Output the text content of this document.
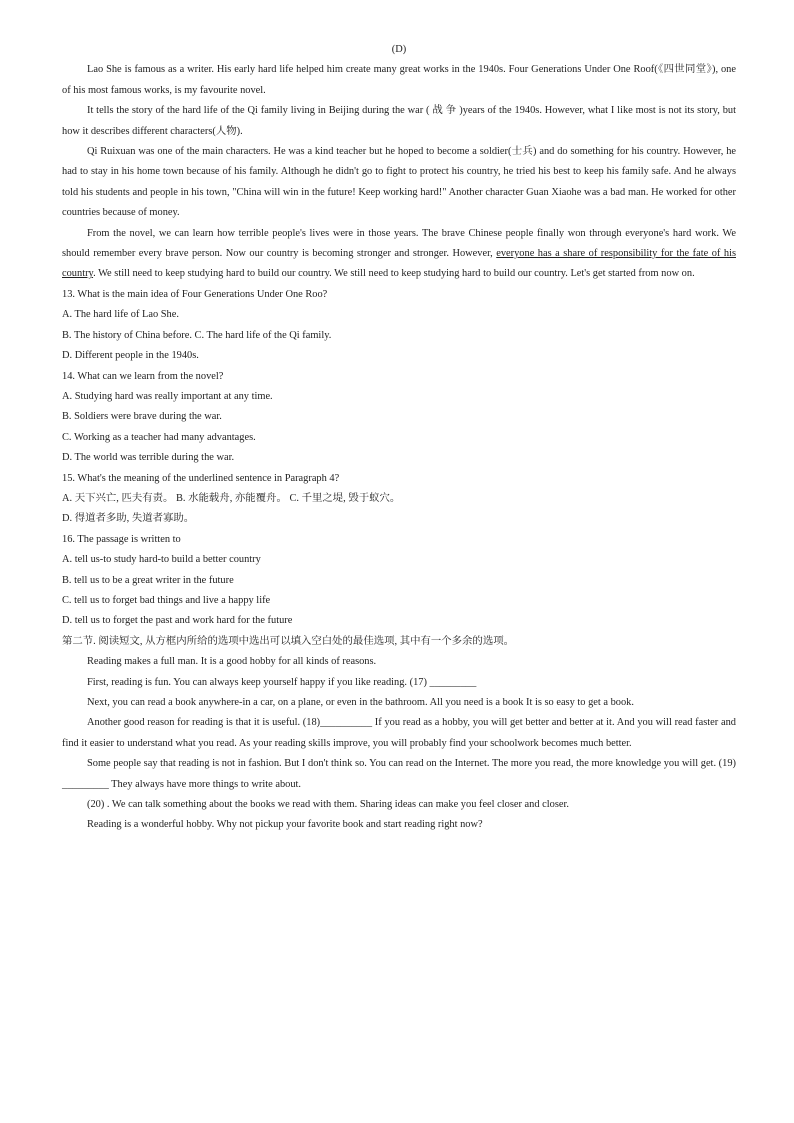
(D)
Lao She is famous as a writer. His early hard life helped him create many great works in the 1940s. Four Generations Under One Roof(《四世同堂》), one of his most famous works, is my favourite novel.
It tells the story of the hard life of the Qi family living in Beijing during the war ( 战 争 )years of the 1940s. However, what I like most is not its story, but how it describes different characters(人物).
Qi Ruixuan was one of the main characters. He was a kind teacher but he hoped to become a soldier(士兵) and do something for his country. However, he had to stay in his home town because of his family. Although he didn't go to fight to protect his country, he tried his best to keep his family safe. And he always told his students and people in his town, "China will win in the future! Keep working hard!" Another character Guan Xiaohe was a bad man. He worked for other countries because of money.
From the novel, we can learn how terrible people's lives were in those years. The brave Chinese people finally won through everyone's hard work. We should remember every brave person. Now our country is becoming stronger and stronger. However, everyone has a share of responsibility for the fate of his country. We still need to keep studying hard to build our country. We still need to keep studying hard to build our country. Let's get started from now on.
13. What is the main idea of Four Generations Under One Roo?
A. The hard life of Lao She.
B. The history of China before. C. The hard life of the Qi family.
D. Different people in the 1940s.
14. What can we learn from the novel?
A. Studying hard was really important at any time.
B. Soldiers were brave during the war.
C. Working as a teacher had many advantages.
D. The world was terrible during the war.
15. What's the meaning of the underlined sentence in Paragraph 4?
A. 天下兴亡, 匹夫有责。 B. 水能载舟, 亦能覆舟。 C. 千里之堤, 毁于蚁穴。
D. 得道者多助, 失道者寡助。
16. The passage is written to
A. tell us-to study hard-to build a better country
B. tell us to be a great writer in the future
C. tell us to forget bad things and live a happy life
D. tell us to forget the past and work hard for the future
第二节. 阅读短文, 从方框内所给的选项中选出可以填入空白处的最佳选项, 其中有一个多余的选项。
Reading makes a full man. It is a good hobby for all kinds of reasons.
First, reading is fun. You can always keep yourself happy if you like reading. (17) _________
Next, you can read a book anywhere-in a car, on a plane, or even in the bathroom. All you need is a book It is so easy to get a book.
Another good reason for reading is that it is useful. (18)__________ If you read as a hobby, you will get better and better at it. And you will read faster and find it easier to understand what you read. As your reading skills improve, you will probably find your schoolwork becomes much better.
Some people say that reading is not in fashion. But I don't think so. You can read on the Internet. The more you read, the more knowledge you will get. (19) _________ They always have more things to write about.
(20) . We can talk something about the books we read with them. Sharing ideas can make you feel closer and closer.
Reading is a wonderful hobby. Why not pickup your favorite book and start reading right now?
